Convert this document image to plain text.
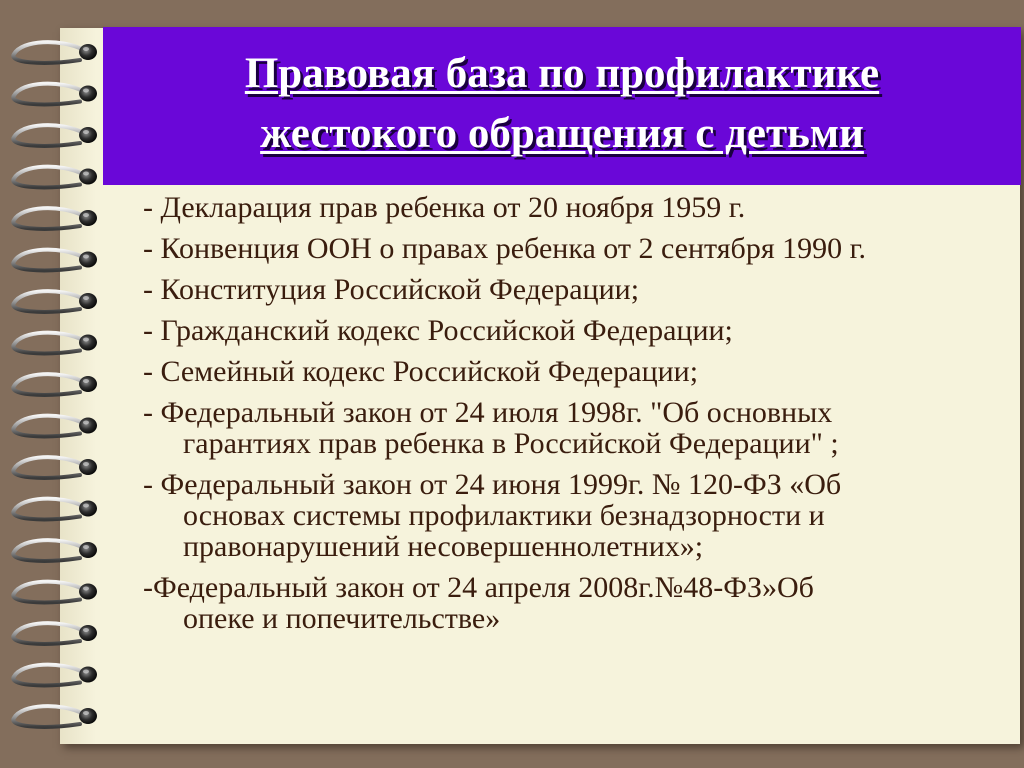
Правовая база по профилактике
жестокого обращения с детьми
- Декларация прав ребенка от 20 ноября 1959 г.
- Конвенция ООН о правах ребенка от 2 сентября 1990 г.
- Конституция Российской Федерации;
- Гражданский кодекс Российской Федерации;
- Семейный кодекс Российской Федерации;
- Федеральный закон от 24 июля 1998г. "Об основных
гарантиях прав ребенка в Российской Федерации" ;
- Федеральный закон от 24 июня 1999г. № 120-ФЗ «Об
основах системы профилактики безнадзорности и
правонарушений несовершеннолетних»;
-Федеральный закон от 24 апреля 2008г.№48-ФЗ»Об
опеке и попечительстве»
